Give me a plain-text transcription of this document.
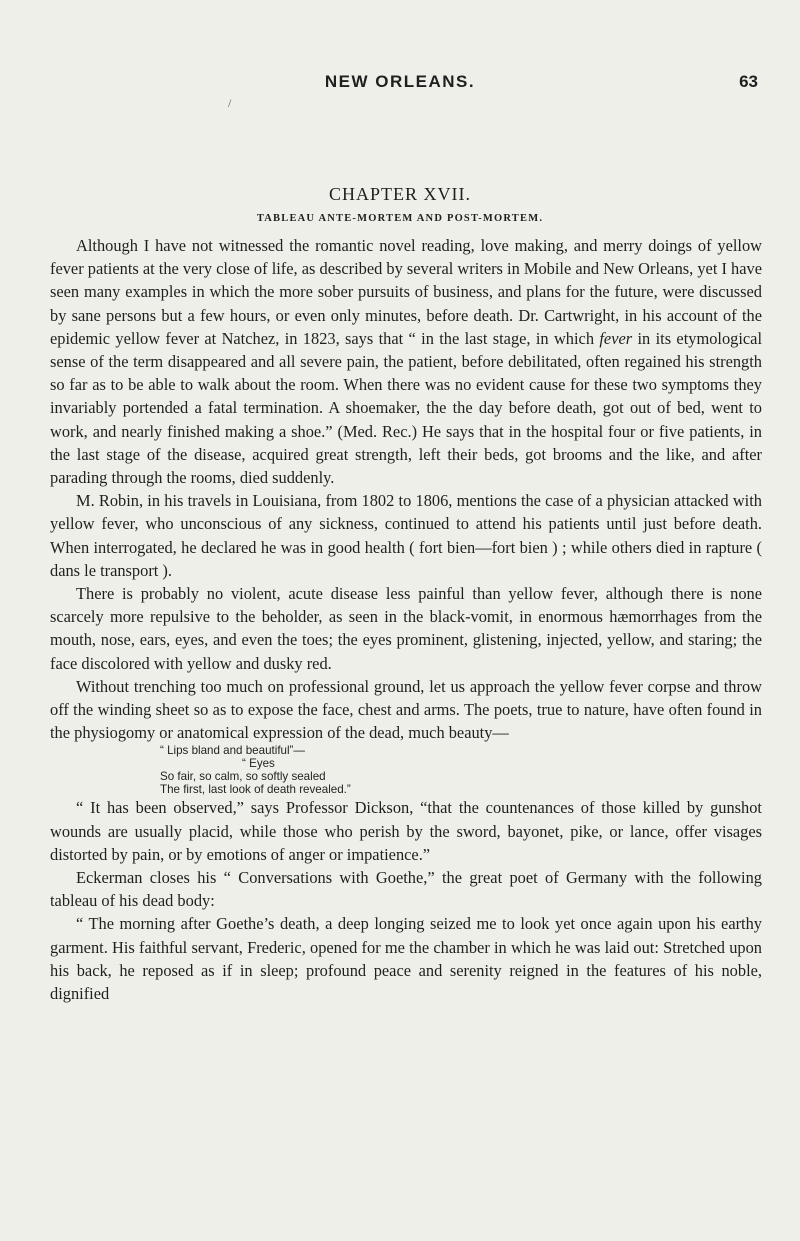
NEW ORLEANS.	63
/
CHAPTER XVII.
TABLEAU ANTE-MORTEM AND POST-MORTEM.

Although I have not witnessed the romantic novel reading, love making, and merry doings of yellow fever patients at the very close of life, as described by several writers in Mobile and New Orleans, yet I have seen many examples in which the more sober pursuits of business, and plans for the future, were discussed by sane persons but a few hours, or even only minutes, before death. Dr. Cartwright, in his account of the epidemic yellow fever at Natchez, in 1823, says that “ in the last stage, in which fever in its etymological sense of the term disappeared and all severe pain, the patient, before debilitated, often regained his strength so far as to be able to walk about the room. When there was no evident cause for these two symptoms they invariably portended a fatal termination. A shoemaker, the the day before death, got out of bed, went to work, and nearly finished making a shoe.” (Med. Rec.) He says that in the hospital four or five patients, in the last stage of the disease, acquired great strength, left their beds, got brooms and the like, and after parading through the rooms, died suddenly.

M. Robin, in his travels in Louisiana, from 1802 to 1806, mentions the case of a physician attacked with yellow fever, who unconscious of any sickness, continued to attend his patients until just before death. When interrogated, he declared he was in good health ( fort bien—fort bien ) ; while others died in rapture ( dans le transport ).

There is probably no violent, acute disease less painful than yellow fever, although there is none scarcely more repulsive to the beholder, as seen in the black-vomit, in enormous hæmorrhages from the mouth, nose, ears, eyes, and even the toes; the eyes prominent, glistening, injected, yellow, and staring; the face discolored with yellow and dusky red.

Without trenching too much on professional ground, let us approach the yellow fever corpse and throw off the winding sheet so as to expose the face, chest and arms. The poets, true to nature, have often found in the physiogomy or anatomical expression of the dead, much beauty—

“ Lips bland and beautiful”—
“ Eyes
So fair, so calm, so softly sealed
The first, last look of death revealed.”

“ It has been observed,” says Professor Dickson, “that the countenances of those killed by gunshot wounds are usually placid, while those who perish by the sword, bayonet, pike, or lance, offer visages distorted by pain, or by emotions of anger or impatience.”

Eckerman closes his “ Conversations with Goethe,” the great poet of Germany with the following tableau of his dead body:

“ The morning after Goethe’s death, a deep longing seized me to look yet once again upon his earthy garment. His faithful servant, Frederic, opened for me the chamber in which he was laid out: Stretched upon his back, he reposed as if in sleep; profound peace and serenity reigned in the features of his noble, dignified
